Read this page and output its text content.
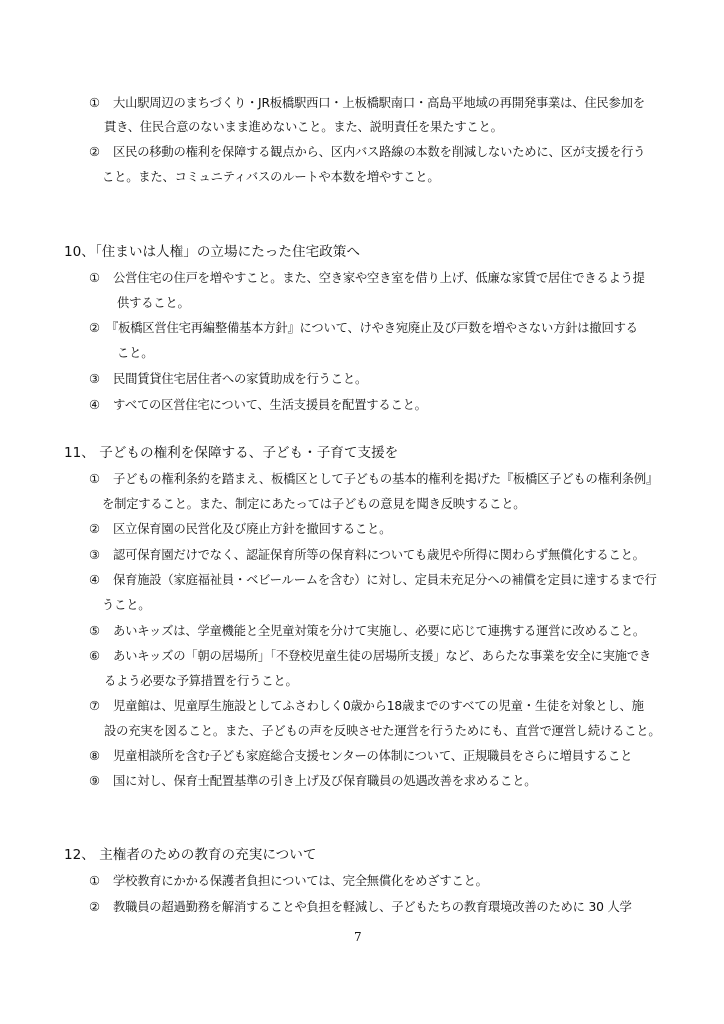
① 大山駅周辺のまちづくり・JR板橋駅西口・上板橋駅南口・高島平地域の再開発事業は、住民参加を
貫き、住民合意のないまま進めないこと。また、説明責任を果たすこと。
② 区民の移動の権利を保障する観点から、区内バス路線の本数を削減しないために、区が支援を行う
こと。また、コミュニティバスのルートや本数を増やすこと。
10、「住まいは人権」の立場にたった住宅政策へ
① 公営住宅の住戸を増やすこと。また、空き家や空き室を借り上げ、低廉な家賃で居住できるよう提
供すること。
② 『板橋区営住宅再編整備基本方針』について、けやき宛廃止及び戸数を増やさない方針は撤回する
こと。
③ 民間賃貸住宅居住者への家賃助成を行うこと。
④ すべての区営住宅について、生活支援員を配置すること。
11、 子どもの権利を保障する、子ども・子育て支援を
① 子どもの権利条約を踏まえ、板橋区として子どもの基本的権利を掲げた『板橋区子どもの権利条例』
を制定すること。また、制定にあたっては子どもの意見を聞き反映すること。
② 区立保育園の民営化及び廃止方針を撤回すること。
③ 認可保育園だけでなく、認証保育所等の保育料についても歳児や所得に関わらず無償化すること。
④ 保育施設（家庭福祉員・ベビールームを含む）に対し、定員未充足分への補償を定員に達するまで行
うこと。
⑤ あいキッズは、学童機能と全児童対策を分けて実施し、必要に応じて連携する運営に改めること。
⑥ あいキッズの「朝の居場所」「不登校児童生徒の居場所支援」など、あらたな事業を安全に実施でき
るよう必要な予算措置を行うこと。
⑦ 児童館は、児童厚生施設としてふさわしく0歳から18歳までのすべての児童・生徒を対象とし、施
設の充実を図ること。また、子どもの声を反映させた運営を行うためにも、直営で運営し続けること。
⑧ 児童相談所を含む子ども家庭総合支援センターの体制について、正規職員をさらに増員すること
⑨ 国に対し、保育士配置基準の引き上げ及び保育職員の処遇改善を求めること。
12、 主権者のための教育の充実について
① 学校教育にかかる保護者負担については、完全無償化をめざすこと。
② 教職員の超過勤務を解消することや負担を軽減し、子どもたちの教育環境改善のために 30 人学
7
